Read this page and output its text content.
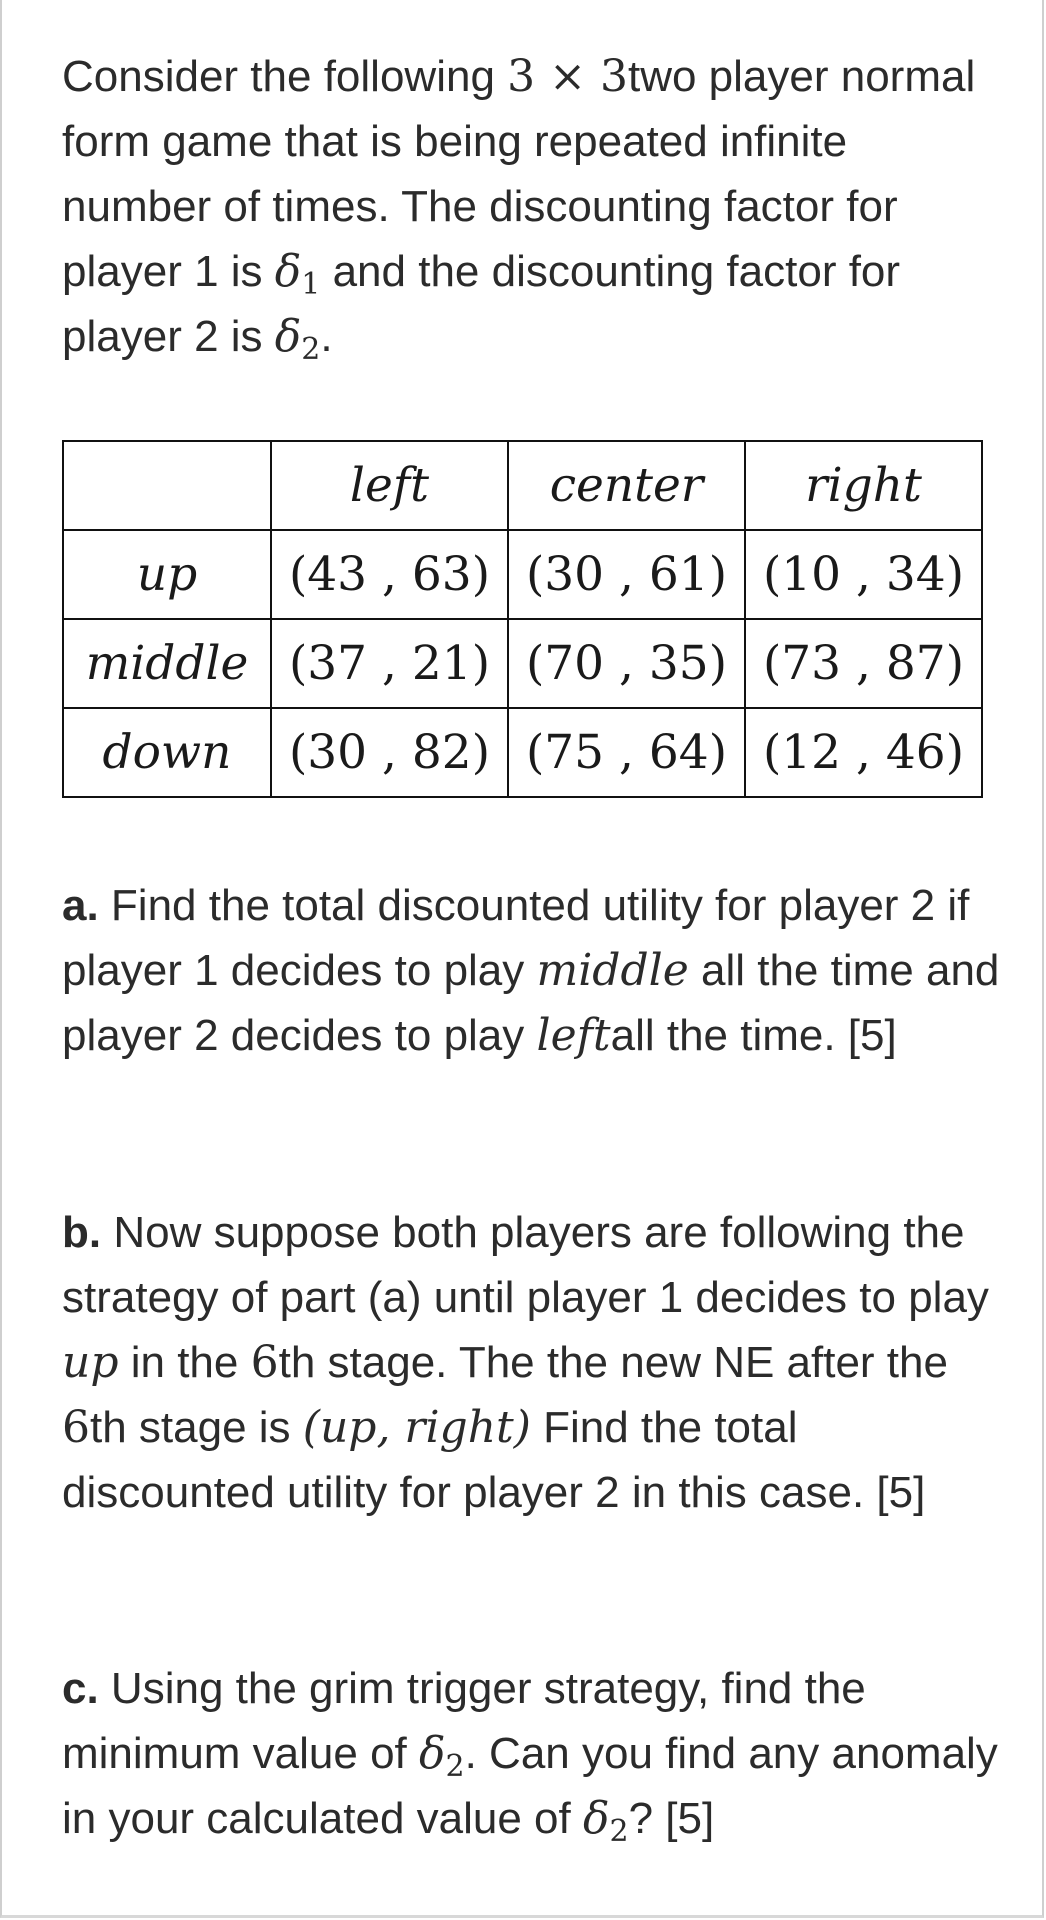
Consider the following 3 × 3two player normal form game that is being repeated infinite number of times. The discounting factor for player 1 is $\delta_1$ and the discounting factor for player 2 is $\delta_2$.

	left	center	right
up	(43 , 63)	(30 , 61)	(10 , 34)
middle	(37 , 21)	(70 , 35)	(73 , 87)
down	(30 , 82)	(75 , 64)	(12 , 46)

a. Find the total discounted utility for player 2 if player 1 decides to play middle all the time and player 2 decides to play leftall the time. [5]

b. Now suppose both players are following the strategy of part (a) until player 1 decides to play up in the 6th stage. The the new NE after the 6th stage is (up, right) Find the total discounted utility for player 2 in this case. [5]

c. Using the grim trigger strategy, find the minimum value of $\delta_2$. Can you find any anomaly in your calculated value of $\delta_2$? [5]
